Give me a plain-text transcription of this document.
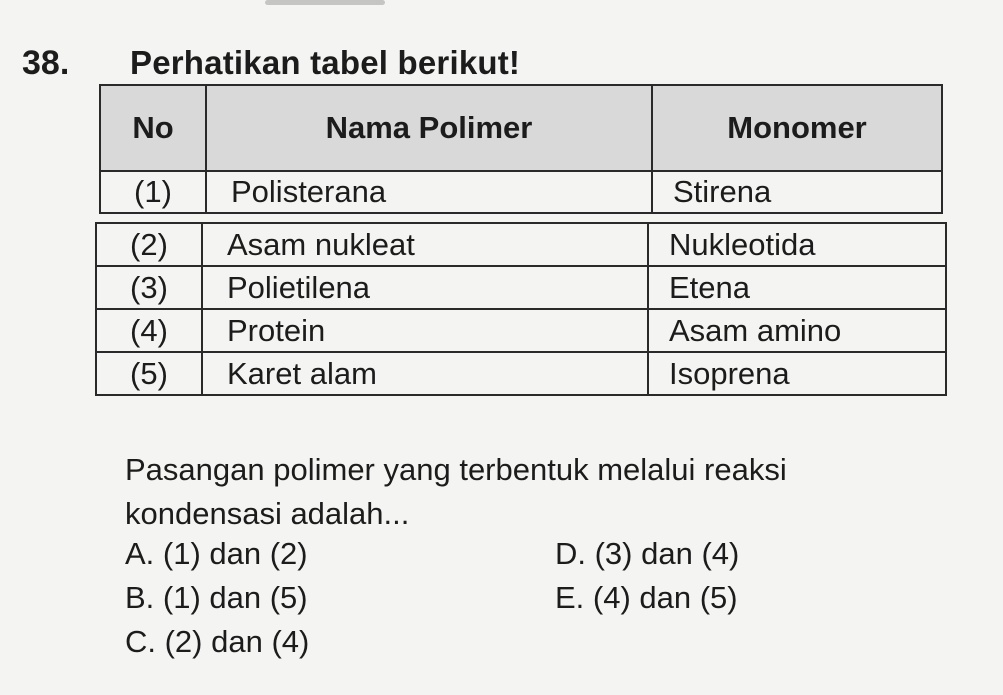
38. Perhatikan tabel berikut!
No	Nama Polimer	Monomer
(1)	Polisterana	Stirena
(2)	Asam nukleat	Nukleotida
(3)	Polietilena	Etena
(4)	Protein	Asam amino
(5)	Karet alam	Isoprena
Pasangan polimer yang terbentuk melalui reaksi kondensasi adalah...
A. (1) dan (2)
B. (1) dan (5)
C. (2) dan (4)
D. (3) dan (4)
E. (4) dan (5)
